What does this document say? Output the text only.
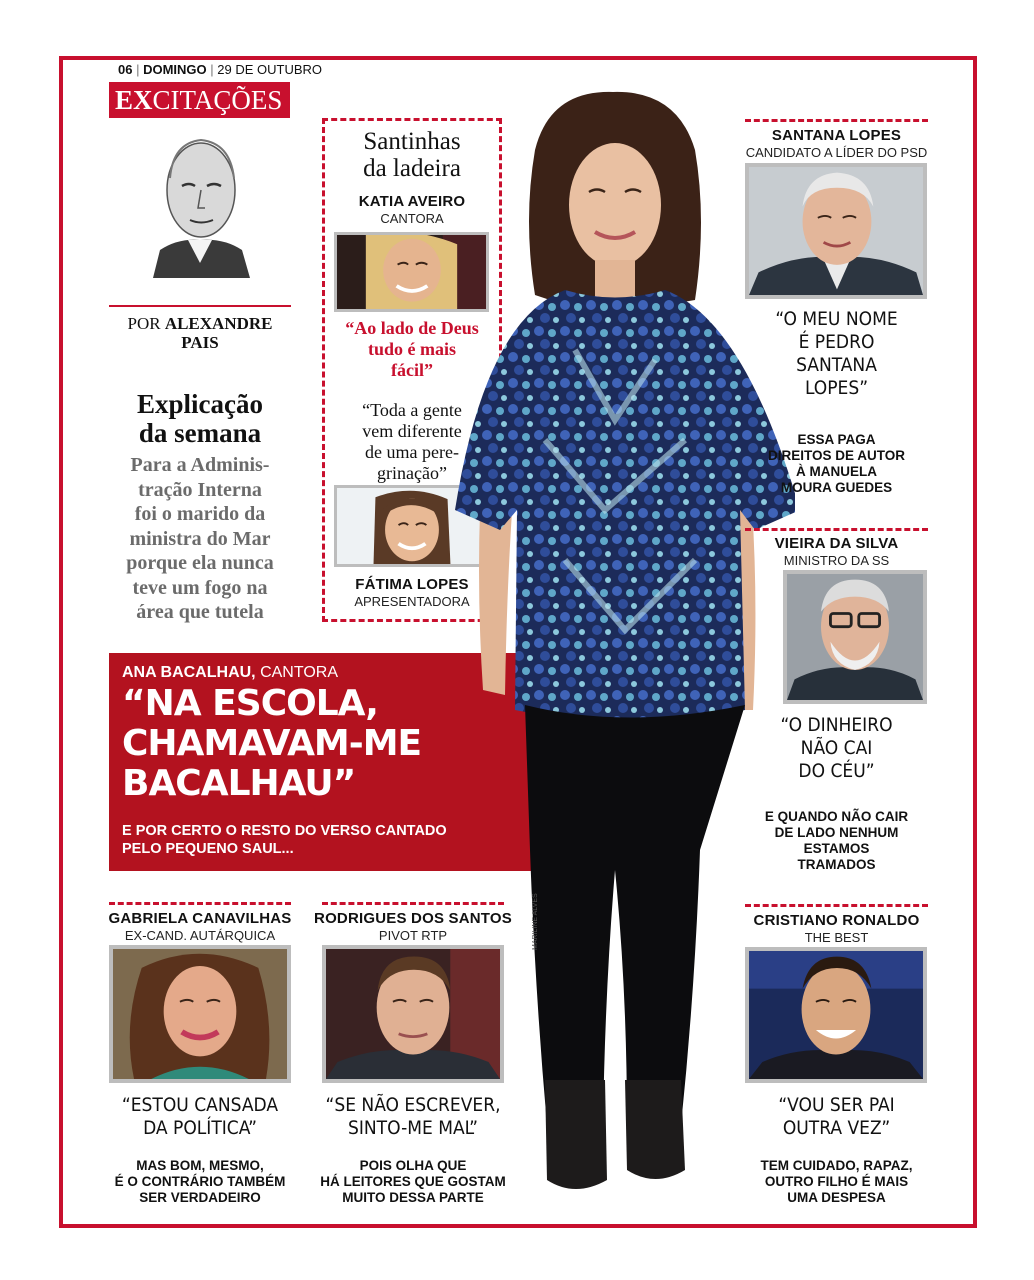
06 | DOMINGO | 29 DE OUTUBRO
EXCITAÇÕES
POR ALEXANDRE
PAIS
Explicação
da semana
Para a Adminis-
tração Interna
foi o marido da
ministra do Mar
porque ela nunca
teve um fogo na
área que tutela
Santinhas
da ladeira
KATIA AVEIRO
CANTORA
“Ao lado de Deus
tudo é mais
fácil”
“Toda a gente
vem diferente
de uma pere-
grinação”
FÁTIMA LOPES
APRESENTADORA
ANA BACALHAU, CANTORA
“NA ESCOLA,
CHAMAVAM-ME
BACALHAU”
E POR CERTO O RESTO DO VERSO CANTADO
PELO PEQUENO SAUL...
MARILINE ALVES
SANTANA LOPES
CANDIDATO A LÍDER DO PSD
“O MEU NOME
É PEDRO
SANTANA
LOPES”
ESSA PAGA
DIREITOS DE AUTOR
À MANUELA
MOURA GUEDES
VIEIRA DA SILVA
MINISTRO DA SS
“O DINHEIRO
NÃO CAI
DO CÉU”
E QUANDO NÃO CAIR
DE LADO NENHUM
ESTAMOS
TRAMADOS
GABRIELA CANAVILHAS
EX-CAND. AUTÁRQUICA
“ESTOU CANSADA
DA POLÍTICA”
MAS BOM, MESMO,
É O CONTRÁRIO TAMBÉM
SER VERDADEIRO
RODRIGUES DOS SANTOS
PIVOT RTP
“SE NÃO ESCREVER,
SINTO-ME MAL”
POIS OLHA QUE
HÁ LEITORES QUE GOSTAM
MUITO DESSA PARTE
CRISTIANO RONALDO
THE BEST
“VOU SER PAI
OUTRA VEZ”
TEM CUIDADO, RAPAZ,
OUTRO FILHO É MAIS
UMA DESPESA
